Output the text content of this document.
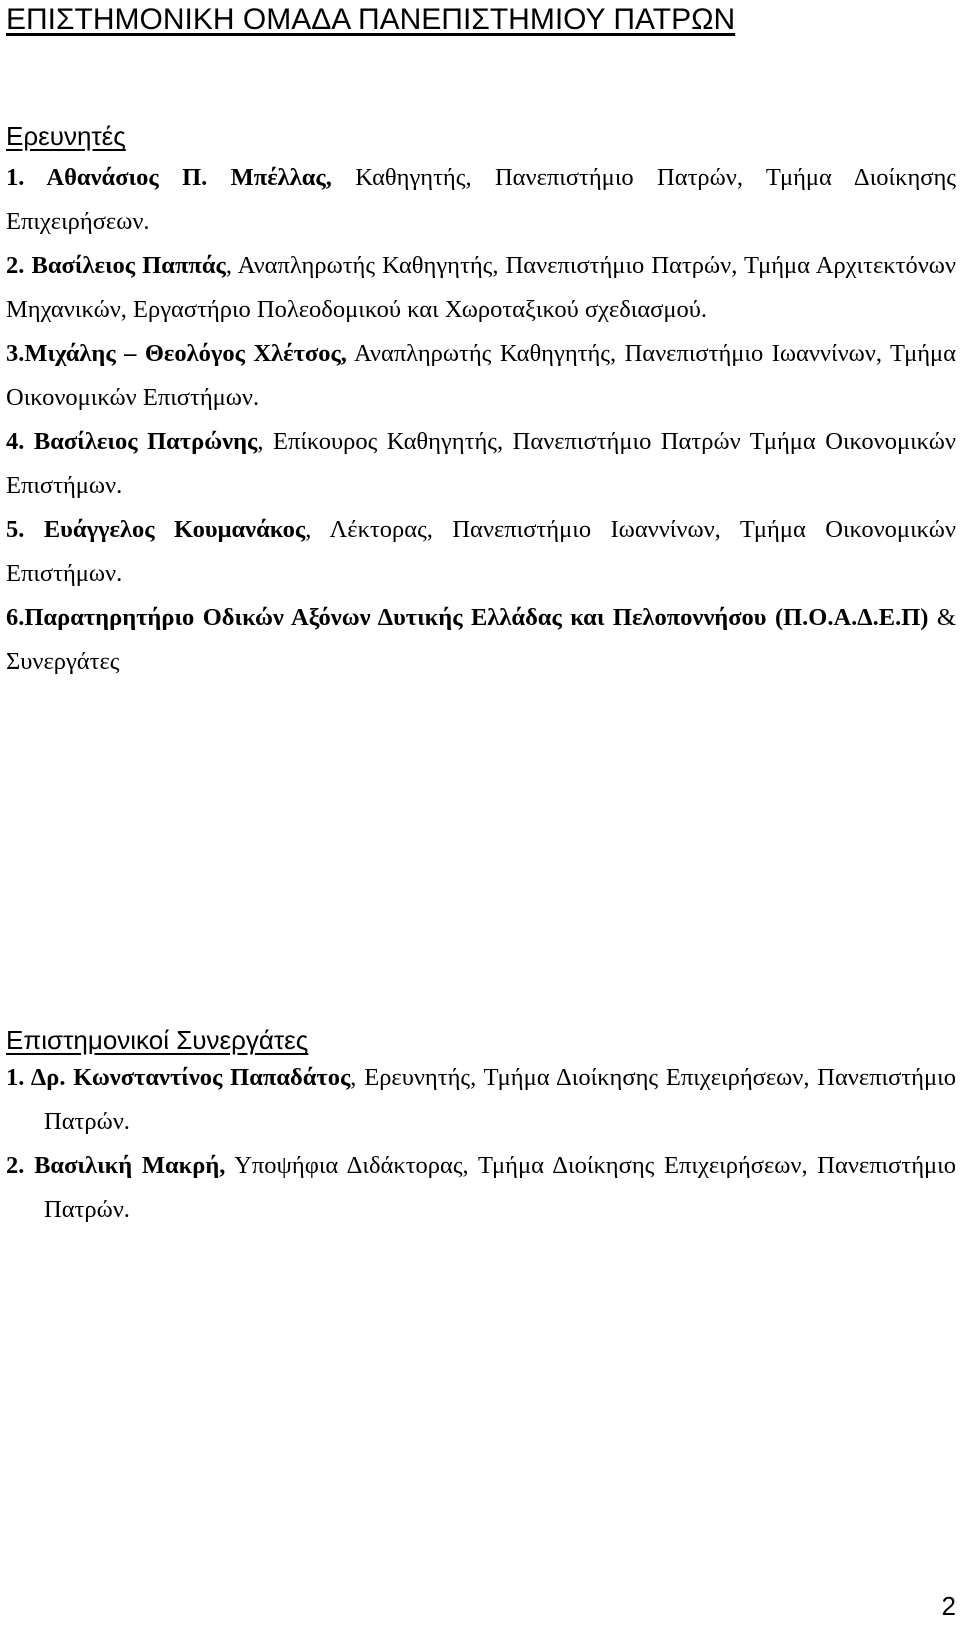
ΕΠΙΣΤΗΜΟΝΙΚΗ ΟΜΑΔΑ ΠΑΝΕΠΙΣΤΗΜΙΟΥ ΠΑΤΡΩΝ
Ερευνητές

1. Αθανάσιος Π. Μπέλλας, Καθηγητής, Πανεπιστήμιο Πατρών, Τμήμα Διοίκησης Επιχειρήσεων.

2. Βασίλειος Παππάς, Αναπληρωτής Καθηγητής, Πανεπιστήμιο Πατρών, Τμήμα Αρχιτεκτόνων Μηχανικών, Εργαστήριο Πολεοδομικού και Χωροταξικού σχεδιασμού.

3.Μιχάλης – Θεολόγος Χλέτσος, Αναπληρωτής Καθηγητής, Πανεπιστήμιο Ιωαννίνων, Τμήμα Οικονομικών Επιστήμων.

4. Βασίλειος Πατρώνης, Επίκουρος Καθηγητής, Πανεπιστήμιο Πατρών Τμήμα Οικονομικών Επιστήμων.

5. Ευάγγελος Κουμανάκος, Λέκτορας, Πανεπιστήμιο Ιωαννίνων, Τμήμα Οικονομικών Επιστήμων.

6.Παρατηρητήριο Οδικών Αξόνων Δυτικής Ελλάδας και Πελοποννήσου (Π.Ο.Α.Δ.Ε.Π) & Συνεργάτες

Επιστημονικοί Συνεργάτες

1. Δρ. Κωνσταντίνος Παπαδάτος, Ερευνητής, Τμήμα Διοίκησης Επιχειρήσεων, Πανεπιστήμιο Πατρών.

2. Βασιλική Μακρή, Υποψήφια Διδάκτορας, Τμήμα Διοίκησης Επιχειρήσεων, Πανεπιστήμιο Πατρών.

2
